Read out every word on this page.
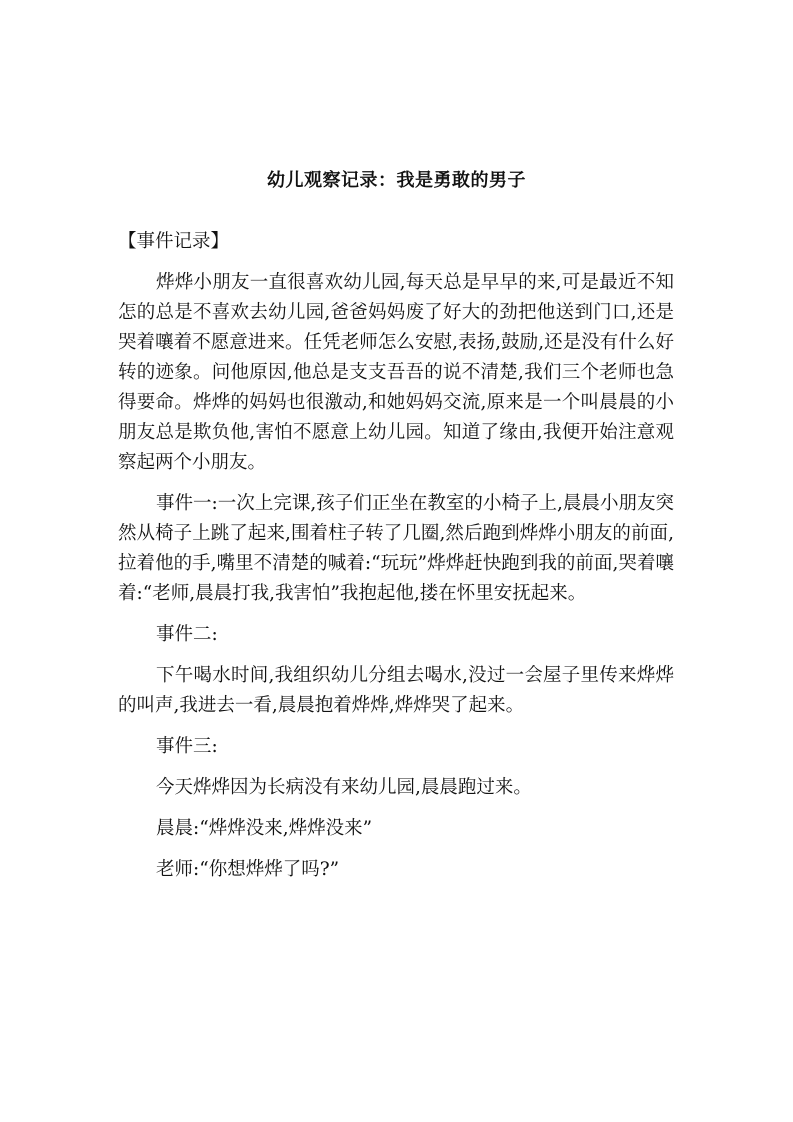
幼儿观察记录：我是勇敢的男子

【事件记录】

烨烨小朋友一直很喜欢幼儿园,每天总是早早的来,可是最近不知怎的总是不喜欢去幼儿园,爸爸妈妈废了好大的劲把他送到门口,还是哭着嚷着不愿意进来。任凭老师怎么安慰,表扬,鼓励,还是没有什么好转的迹象。问他原因,他总是支支吾吾的说不清楚,我们三个老师也急得要命。烨烨的妈妈也很激动,和她妈妈交流,原来是一个叫晨晨的小朋友总是欺负他,害怕不愿意上幼儿园。知道了缘由,我便开始注意观察起两个小朋友。

事件一:一次上完课,孩子们正坐在教室的小椅子上,晨晨小朋友突然从椅子上跳了起来,围着柱子转了几圈,然后跑到烨烨小朋友的前面,拉着他的手,嘴里不清楚的喊着:“玩玩”烨烨赶快跑到我的前面,哭着嚷着:“老师,晨晨打我,我害怕”我抱起他,搂在怀里安抚起来。

事件二:

下午喝水时间,我组织幼儿分组去喝水,没过一会屋子里传来烨烨的叫声,我进去一看,晨晨抱着烨烨,烨烨哭了起来。

事件三:

今天烨烨因为长病没有来幼儿园,晨晨跑过来。

晨晨:“烨烨没来,烨烨没来”

老师:“你想烨烨了吗?”
